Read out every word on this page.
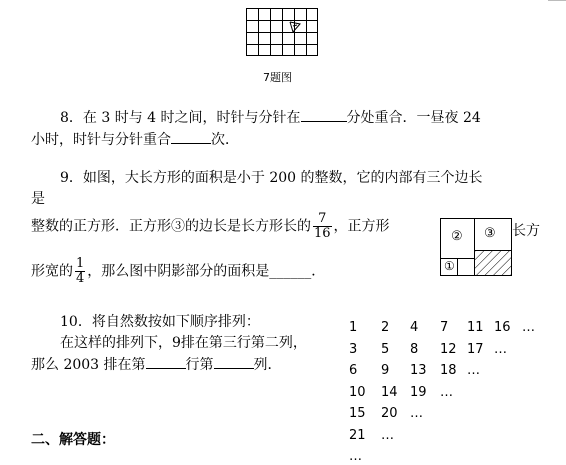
7题图
8．在 3 时与 4 时之间，时针与分针在	分处重合．一昼夜 24
小时，时针与分针重合	次．
9．如图，大长方形的面积是小于 200 的整数，它的内部有三个边长
是
整数的正方形．正方形③的边长是长方形长的 $\frac{7}{16}$ ，正方形	长方
形宽的 $\frac{1}{4}$ ，那么图中阴影部分的面积是______．
② ③
①
10．将自然数按如下顺序排列：
在这样的排列下，9排在第三行第二列，
那么 2003 排在第	行第	列．
1 2 4 7 11 16 …
3 5 8 12 17 …
6 9 13 18 …
10 14 19 …
15 20 …
21 …
…
二、解答题：
